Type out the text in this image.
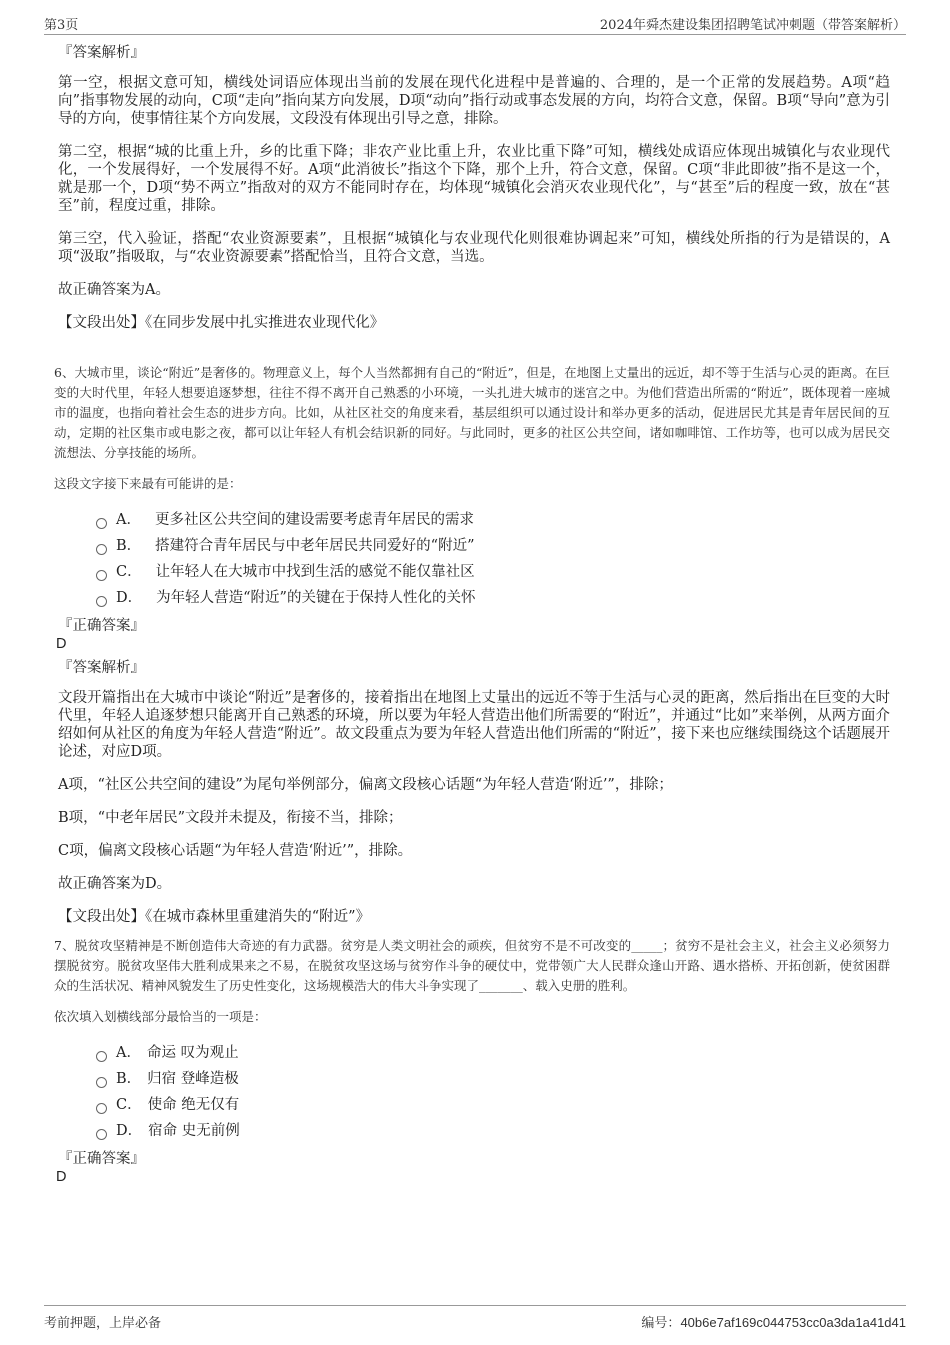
第3页	2024年舜杰建设集团招聘笔试冲刺题（带答案解析）

『答案解析』

第一空，根据文意可知，横线处词语应体现出当前的发展在现代化进程中是普遍的、合理的，是一个正常的发展趋势。A项“趋向”指事物发展的动向，C项“走向”指向某方向发展，D项“动向”指行动或事态发展的方向，均符合文意，保留。B项“导向”意为引导的方向，使事情往某个方向发展，文段没有体现出引导之意，排除。

第二空，根据“城的比重上升，乡的比重下降；非农产业比重上升，农业比重下降”可知，横线处成语应体现出城镇化与农业现代化，一个发展得好，一个发展得不好。A项“此消彼长”指这个下降，那个上升，符合文意，保留。C项“非此即彼”指不是这一个，就是那一个，D项“势不两立”指敌对的双方不能同时存在，均体现“城镇化会消灭农业现代化”，与“甚至”后的程度一致，放在“甚至”前，程度过重，排除。

第三空，代入验证，搭配“农业资源要素”，且根据“城镇化与农业现代化则很难协调起来”可知，横线处所指的行为是错误的，A项“汲取”指吸取，与“农业资源要素”搭配恰当，且符合文意，当选。

故正确答案为A。

【文段出处】《在同步发展中扎实推进农业现代化》

6、大城市里，谈论“附近”是奢侈的。物理意义上，每个人当然都拥有自己的“附近”，但是，在地图上丈量出的远近，却不等于生活与心灵的距离。在巨变的大时代里，年轻人想要追逐梦想，往往不得不离开自己熟悉的小环境，一头扎进大城市的迷宫之中。为他们营造出所需的“附近”，既体现着一座城市的温度，也指向着社会生态的进步方向。比如，从社区社交的角度来看，基层组织可以通过设计和举办更多的活动，促进居民尤其是青年居民间的互动，定期的社区集市或电影之夜，都可以让年轻人有机会结识新的同好。与此同时，更多的社区公共空间，诸如咖啡馆、工作坊等，也可以成为居民交流想法、分享技能的场所。

这段文字接下来最有可能讲的是：

A． 更多社区公共空间的建设需要考虑青年居民的需求
B． 搭建符合青年居民与中老年居民共同爱好的“附近”
C． 让年轻人在大城市中找到生活的感觉不能仅靠社区
D． 为年轻人营造“附近”的关键在于保持人性化的关怀

『正确答案』

D

『答案解析』

文段开篇指出在大城市中谈论“附近”是奢侈的，接着指出在地图上丈量出的远近不等于生活与心灵的距离，然后指出在巨变的大时代里，年轻人追逐梦想只能离开自己熟悉的环境，所以要为年轻人营造出他们所需要的“附近”，并通过“比如”来举例，从两方面介绍如何从社区的角度为年轻人营造“附近”。故文段重点为要为年轻人营造出他们所需的“附近”，接下来也应继续围绕这个话题展开论述，对应D项。

A项，“社区公共空间的建设”为尾句举例部分，偏离文段核心话题“为年轻人营造‘附近’”，排除；

B项，“中老年居民”文段并未提及，衔接不当，排除；

C项，偏离文段核心话题“为年轻人营造‘附近’”，排除。

故正确答案为D。

【文段出处】《在城市森林里重建消失的“附近”》

7、脱贫攻坚精神是不断创造伟大奇迹的有力武器。贫穷是人类文明社会的顽疾，但贫穷不是不可改变的_____；贫穷不是社会主义，社会主义必须努力摆脱贫穷。脱贫攻坚伟大胜利成果来之不易，在脱贫攻坚这场与贫穷作斗争的硬仗中，党带领广大人民群众逢山开路、遇水搭桥、开拓创新，使贫困群众的生活状况、精神风貌发生了历史性变化，这场规模浩大的伟大斗争实现了_______、载入史册的胜利。

依次填入划横线部分最恰当的一项是：

A． 命运 叹为观止
B． 归宿 登峰造极
C． 使命 绝无仅有
D． 宿命 史无前例

『正确答案』

D

考前押题，上岸必备	编号：40b6e7af169c044753cc0a3da1a41d41
